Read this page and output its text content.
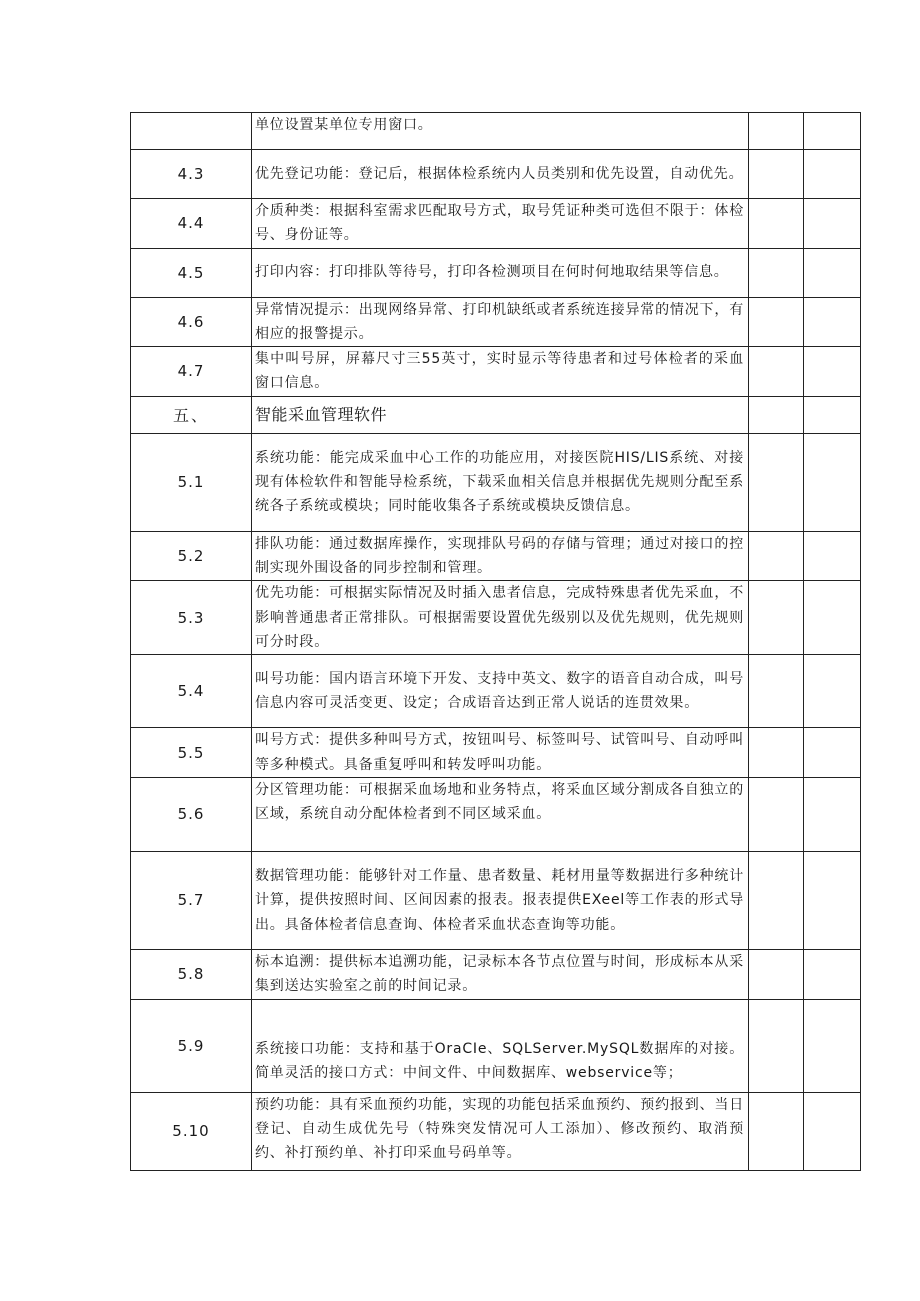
	单位设置某单位专用窗口。		
4.3	优先登记功能：登记后，根据体检系统内人员类别和优先设置，自动优先。		
4.4	介质种类：根据科室需求匹配取号方式，取号凭证种类可选但不限于：体检号、身份证等。		
4.5	打印内容：打印排队等待号，打印各检测项目在何时何地取结果等信息。		
4.6	异常情况提示：出现网络异常、打印机缺纸或者系统连接异常的情况下，有相应的报警提示。		
4.7	集中叫号屏，屏幕尺寸三55英寸，实时显示等待患者和过号体检者的采血窗口信息。		
五、	智能采血管理软件		
5.1	系统功能：能完成采血中心工作的功能应用，对接医院HIS/LIS系统、对接现有体检软件和智能导检系统，下载采血相关信息并根据优先规则分配至系统各子系统或模块；同时能收集各子系统或模块反馈信息。		
5.2	排队功能：通过数据库操作，实现排队号码的存储与管理；通过对接口的控制实现外围设备的同步控制和管理。		
5.3	优先功能：可根据实际情况及时插入患者信息，完成特殊患者优先采血，不影响普通患者正常排队。可根据需要设置优先级别以及优先规则，优先规则可分时段。		
5.4	叫号功能：国内语言环境下开发、支持中英文、数字的语音自动合成，叫号信息内容可灵活变更、设定；合成语音达到正常人说话的连贯效果。		
5.5	叫号方式：提供多种叫号方式，按钮叫号、标签叫号、试管叫号、自动呼叫等多种模式。具备重复呼叫和转发呼叫功能。		
5.6	分区管理功能：可根据采血场地和业务特点，将采血区域分割成各自独立的区域，系统自动分配体检者到不同区域采血。		
5.7	数据管理功能：能够针对工作量、患者数量、耗材用量等数据进行多种统计计算，提供按照时间、区间因素的报表。报表提供EXeel等工作表的形式导出。具备体检者信息查询、体检者采血状态查询等功能。		
5.8	标本追溯：提供标本追溯功能，记录标本各节点位置与时间，形成标本从采集到送达实验室之前的时间记录。		
5.9	系统接口功能：支持和基于OraCIe、SQLServer.MySQL数据库的对接。简单灵活的接口方式：中间文件、中间数据库、webservice等；		
5.10	预约功能：具有采血预约功能，实现的功能包括采血预约、预约报到、当日登记、自动生成优先号（特殊突发情况可人工添加）、修改预约、取消预约、补打预约单、补打印采血号码单等。		
